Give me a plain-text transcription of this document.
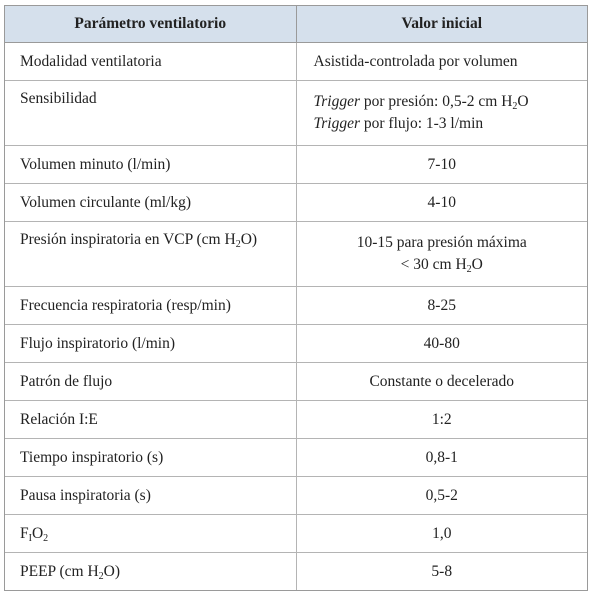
Parámetro ventilatorio	Valor inicial
Modalidad ventilatoria	Asistida-controlada por volumen
Sensibilidad	Trigger por presión: 0,5-2 cm $H_2O$
Trigger por flujo: 1-3 l/min

Volumen minuto (l/min)	7-10
Volumen circulante (ml/kg)	4-10
Presión inspiratoria en VCP (cm $H_2O$)	10-15 para presión máxima
< 30 cm $H_2O$

Frecuencia respiratoria (resp/min)	8-25
Flujo inspiratorio (l/min)	40-80
Patrón de flujo	Constante o decelerado
Relación I:E	1:2
Tiempo inspiratorio (s)	0,8-1
Pausa inspiratoria (s)	0,5-2
$F_IO_2$	1,0
PEEP (cm $H_2O$)	5-8
